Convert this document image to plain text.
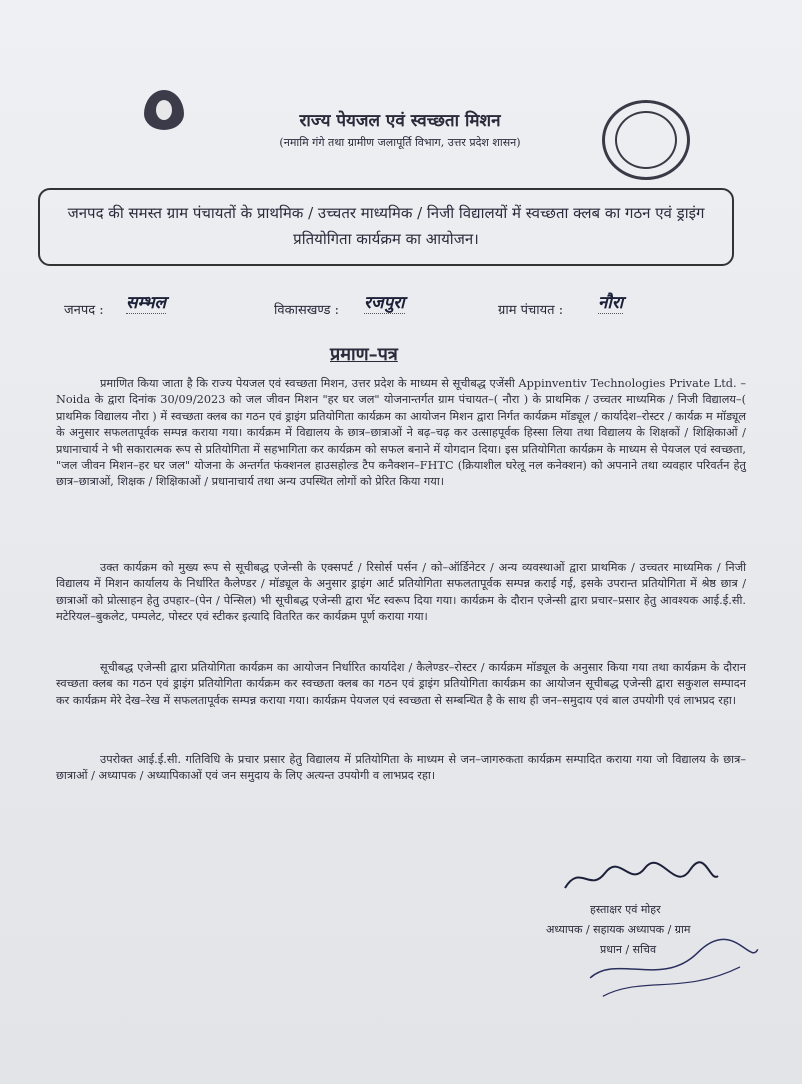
राज्य पेयजल एवं स्वच्छता मिशन
(नमामि गंगे तथा ग्रामीण जलापूर्ति विभाग, उत्तर प्रदेश शासन)
जनपद की समस्त ग्राम पंचायतों के प्राथमिक / उच्चतर माध्यमिक / निजी विद्यालयों में स्वच्छता क्लब का गठन एवं ड्राइंग प्रतियोगिता कार्यक्रम का आयोजन।
जनपद : सम्भल	विकासखण्ड : रजपुरा	ग्राम पंचायत : नौरा
प्रमाण–पत्र
प्रमाणित किया जाता है कि राज्य पेयजल एवं स्वच्छता मिशन, उत्तर प्रदेश के माध्यम से सूचीबद्ध एजेंसी Appinventiv Technologies Private Ltd. – Noida के द्वारा दिनांक 30/09/2023 को जल जीवन मिशन "हर घर जल" योजनान्तर्गत ग्राम पंचायत–( नौरा ) के प्राथमिक / उच्चतर माध्यमिक / निजी विद्यालय–( प्राथमिक विद्यालय नौरा ) में स्वच्छता क्लब का गठन एवं ड्राइंग प्रतियोगिता कार्यक्रम का आयोजन मिशन द्वारा निर्गत कार्यक्रम मॉड्यूल / कार्यादेश–रोस्टर / कार्यक्र म मॉड्यूल के अनुसार सफलतापूर्वक सम्पन्न कराया गया। कार्यक्रम में विद्यालय के छात्र–छात्राओं ने बढ़–चढ़ कर उत्साहपूर्वक हिस्सा लिया तथा विद्यालय के शिक्षकों / शिक्षिकाओं / प्रधानाचार्य ने भी सकारात्मक रूप से प्रतियोगिता में सहभागिता कर कार्यक्रम को सफल बनाने में योगदान दिया। इस प्रतियोगिता कार्यक्रम के माध्यम से पेयजल एवं स्वच्छता, "जल जीवन मिशन–हर घर जल" योजना के अन्तर्गत फंक्शनल हाउसहोल्ड टैप कनैक्शन–FHTC (क्रियाशील घरेलू नल कनेक्शन) को अपनाने तथा व्यवहार परिवर्तन हेतु छात्र–छात्राओं, शिक्षक / शिक्षिकाओं / प्रधानाचार्य तथा अन्य उपस्थित लोगों को प्रेरित किया गया।
उक्त कार्यक्रम को मुख्य रूप से सूचीबद्ध एजेन्सी के एक्सपर्ट / रिसोर्स पर्सन / को–ऑर्डिनेटर / अन्य व्यवस्थाओं द्वारा प्राथमिक / उच्चतर माध्यमिक / निजी विद्यालय में मिशन कार्यालय के निर्धारित कैलेण्डर / मॉड्यूल के अनुसार ड्राइंग आर्ट प्रतियोगिता सफलतापूर्वक सम्पन्न कराई गई, इसके उपरान्त प्रतियोगिता में श्रेष्ठ छात्र / छात्राओं को प्रोत्साहन हेतु उपहार–(पेन / पेन्सिल) भी सूचीबद्ध एजेन्सी द्वारा भेंट स्वरूप दिया गया। कार्यक्रम के दौरान एजेन्सी द्वारा प्रचार–प्रसार हेतु आवश्यक आई.ई.सी. मटेरियल–बुकलेट, पम्पलेट, पोस्टर एवं स्टीकर इत्यादि वितरित कर कार्यक्रम पूर्ण कराया गया।
सूचीबद्ध एजेन्सी द्वारा प्रतियोगिता कार्यक्रम का आयोजन निर्धारित कार्यादेश / कैलेण्डर–रोस्टर / कार्यक्रम मॉड्यूल के अनुसार किया गया तथा कार्यक्रम के दौरान स्वच्छता क्लब का गठन एवं ड्राइंग प्रतियोगिता कार्यक्रम कर स्वच्छता क्लब का गठन एवं ड्राइंग प्रतियोगिता कार्यक्रम का आयोजन सूचीबद्ध एजेन्सी द्वारा सकुशल सम्पादन कर कार्यक्रम मेरे देख–रेख में सफलतापूर्वक सम्पन्न कराया गया। कार्यक्रम पेयजल एवं स्वच्छता से सम्बन्धित है के साथ ही जन–समुदाय एवं बाल उपयोगी एवं लाभप्रद रहा।
उपरोक्त आई.ई.सी. गतिविधि के प्रचार प्रसार हेतु विद्यालय में प्रतियोगिता के माध्यम से जन–जागरुकता कार्यक्रम सम्पादित कराया गया जो विद्यालय के छात्र–छात्राओं / अध्यापक / अध्यापिकाओं एवं जन समुदाय के लिए अत्यन्त उपयोगी व लाभप्रद रहा।
हस्ताक्षर एवं मोहर
अध्यापक / सहायक अध्यापक / ग्राम
प्रधान / सचिव
